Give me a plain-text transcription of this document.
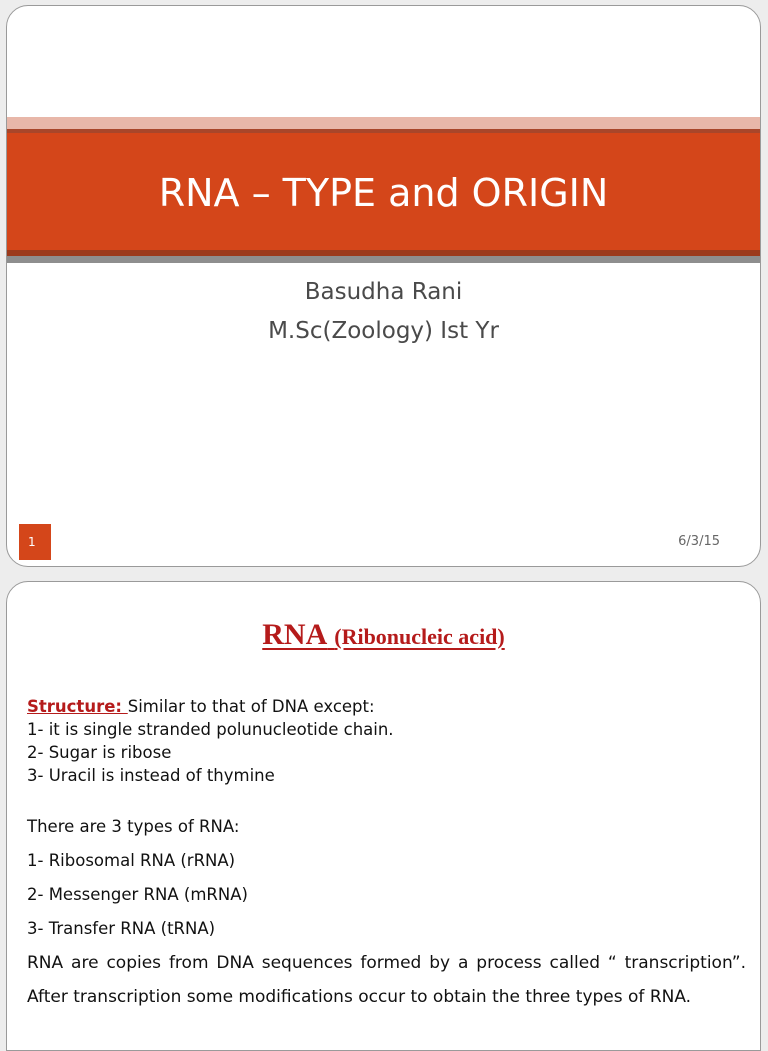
RNA – TYPE and ORIGIN
Basudha Rani
M.Sc(Zoology) Ist Yr
1	6/3/15
RNA (Ribonucleic acid)
Structure: Similar to that of DNA except:
1- it is single stranded polunucleotide chain.
2- Sugar is ribose
3- Uracil is instead of thymine
There are 3 types of RNA:
1- Ribosomal RNA (rRNA)
2- Messenger RNA (mRNA)
3- Transfer RNA (tRNA)
RNA are copies from DNA sequences formed by a process called “ transcription”. After transcription some modifications occur to obtain the three types of RNA.
